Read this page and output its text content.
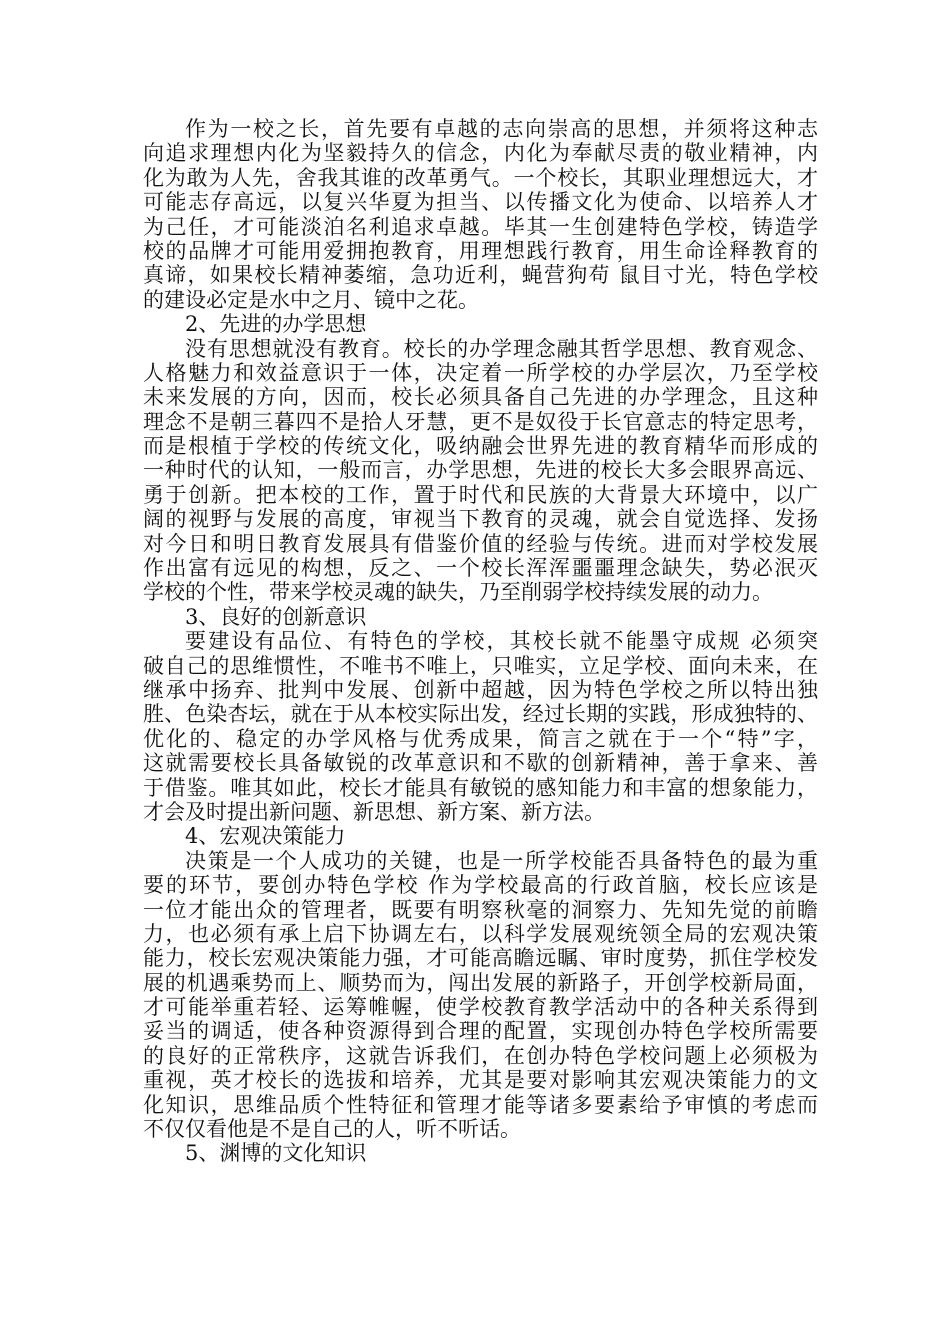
作为一校之长，首先要有卓越的志向崇高的思想，并须将这种志
向追求理想内化为坚毅持久的信念，内化为奉献尽责的敬业精神，内
化为敢为人先，舍我其谁的改革勇气。一个校长，其职业理想远大，才
可能志存高远，以复兴华夏为担当、以传播文化为使命、以培养人才
为己任，才可能淡泊名利追求卓越。毕其一生创建特色学校，铸造学
校的品牌才可能用爱拥抱教育，用理想践行教育，用生命诠释教育的
真谛，如果校长精神萎缩，急功近利，蝇营狗苟 鼠目寸光，特色学校
的建设必定是水中之月、镜中之花。
2、先进的办学思想
没有思想就没有教育。校长的办学理念融其哲学思想、教育观念、
人格魅力和效益意识于一体，决定着一所学校的办学层次，乃至学校
未来发展的方向，因而，校长必须具备自己先进的办学理念，且这种
理念不是朝三暮四不是拾人牙慧，更不是奴役于长官意志的特定思考，
而是根植于学校的传统文化，吸纳融会世界先进的教育精华而形成的
一种时代的认知，一般而言，办学思想，先进的校长大多会眼界高远、
勇于创新。把本校的工作，置于时代和民族的大背景大环境中，以广
阔的视野与发展的高度，审视当下教育的灵魂，就会自觉选择、发扬
对今日和明日教育发展具有借鉴价值的经验与传统。进而对学校发展
作出富有远见的构想，反之、一个校长浑浑噩噩理念缺失，势必泯灭
学校的个性，带来学校灵魂的缺失，乃至削弱学校持续发展的动力。
3、良好的创新意识
要建设有品位、有特色的学校，其校长就不能墨守成规 必须突
破自己的思维惯性，不唯书不唯上，只唯实，立足学校、面向未来，在
继承中扬弃、批判中发展、创新中超越，因为特色学校之所以特出独
胜、色染杏坛，就在于从本校实际出发，经过长期的实践，形成独特的、
优化的、稳定的办学风格与优秀成果，简言之就在于一个“特”字，
这就需要校长具备敏锐的改革意识和不歇的创新精神，善于拿来、善
于借鉴。唯其如此，校长才能具有敏锐的感知能力和丰富的想象能力，
才会及时提出新问题、新思想、新方案、新方法。
4、宏观决策能力
决策是一个人成功的关键，也是一所学校能否具备特色的最为重
要的环节，要创办特色学校 作为学校最高的行政首脑，校长应该是
一位才能出众的管理者，既要有明察秋毫的洞察力、先知先觉的前瞻
力，也必须有承上启下协调左右，以科学发展观统领全局的宏观决策
能力，校长宏观决策能力强，才可能高瞻远瞩、审时度势，抓住学校发
展的机遇乘势而上、顺势而为，闯出发展的新路子，开创学校新局面，
才可能举重若轻、运筹帷幄，使学校教育教学活动中的各种关系得到
妥当的调适，使各种资源得到合理的配置，实现创办特色学校所需要
的良好的正常秩序，这就告诉我们，在创办特色学校问题上必须极为
重视，英才校长的选拔和培养，尤其是要对影响其宏观决策能力的文
化知识，思维品质个性特征和管理才能等诸多要素给予审慎的考虑而
不仅仅看他是不是自己的人，听不听话。
5、渊博的文化知识
